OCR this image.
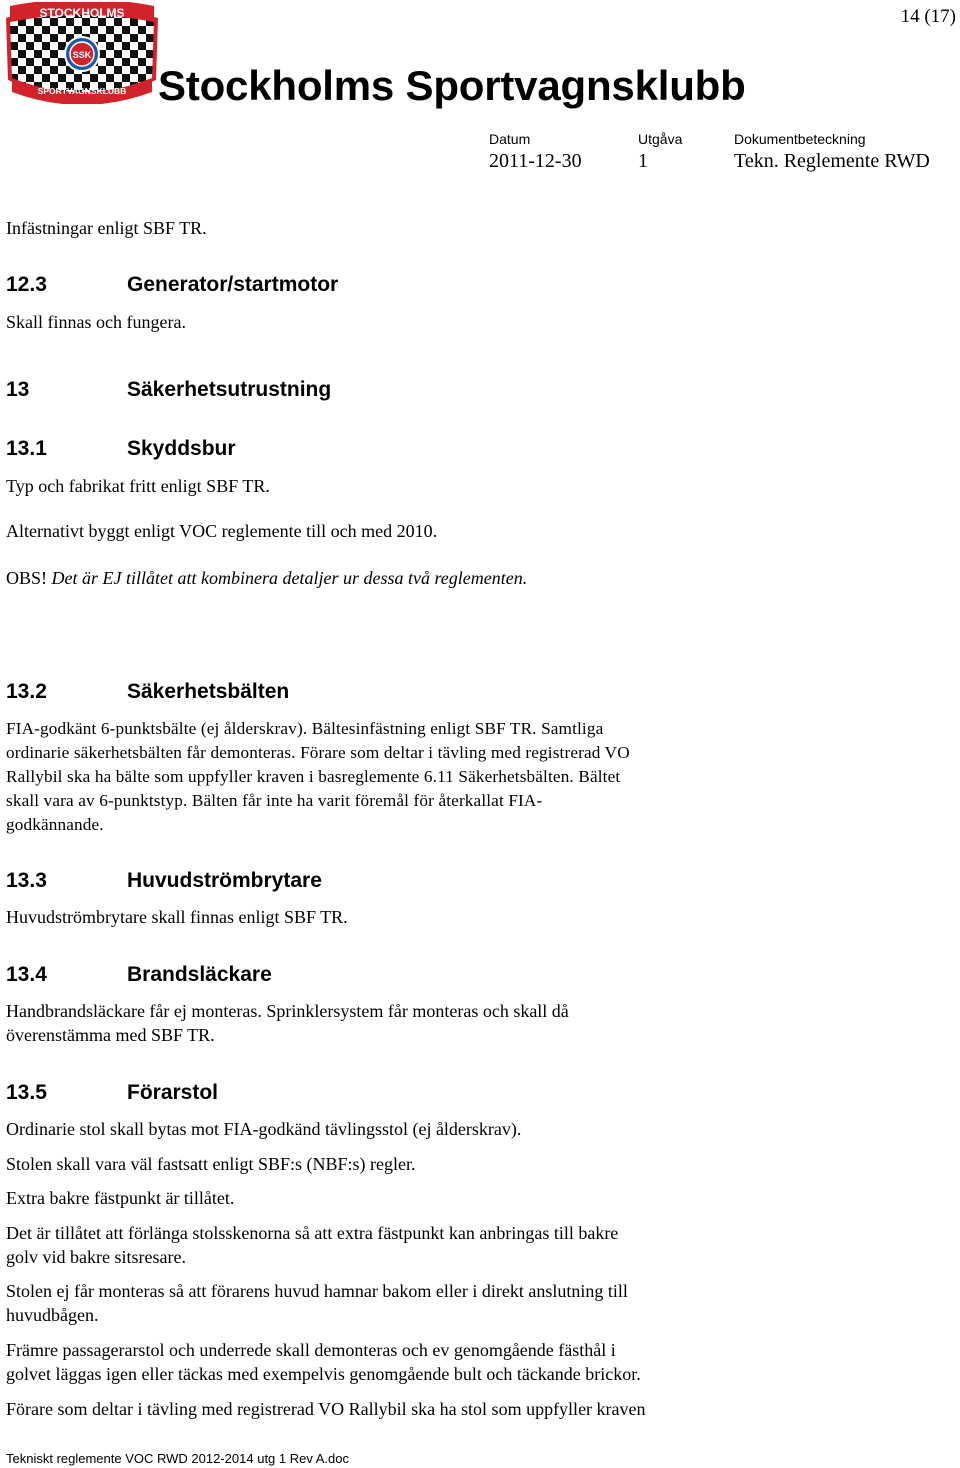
STOCKHOLMS
SPORTVAGNSKLUBB
SSK
14 (17)
Stockholms Sportvagnsklubb
Datum
2011-12-30
Utgåva
1
Dokumentbeteckning
Tekn. Reglemente RWD
Infästningar enligt SBF TR.
12.3	Generator/startmotor
Skall finnas och fungera.
13	Säkerhetsutrustning
13.1	Skyddsbur
Typ och fabrikat fritt enligt SBF TR.
Alternativt byggt enligt VOC reglemente till och med 2010.
OBS! Det är EJ tillåtet att kombinera detaljer ur dessa två reglementen.
13.2	Säkerhetsbälten
FIA-godkänt 6-punktsbälte (ej ålderskrav). Bältesinfästning enligt SBF TR. Samtliga
ordinarie säkerhetsbälten får demonteras. Förare som deltar i tävling med registrerad VO
Rallybil ska ha bälte som uppfyller kraven i basreglemente 6.11 Säkerhetsbälten. Bältet
skall vara av 6-punktstyp. Bälten får inte ha varit föremål för återkallat FIA-
godkännande.
13.3	Huvudströmbrytare
Huvudströmbrytare skall finnas enligt SBF TR.
13.4	Brandsläckare
Handbrandsläckare får ej monteras. Sprinklersystem får monteras och skall då
överenstämma med SBF TR.
13.5	Förarstol
Ordinarie stol skall bytas mot FIA-godkänd tävlingsstol (ej ålderskrav).
Stolen skall vara väl fastsatt enligt SBF:s (NBF:s) regler.
Extra bakre fästpunkt är tillåtet.
Det är tillåtet att förlänga stolsskenorna så att extra fästpunkt kan anbringas till bakre
golv vid bakre sitsresare.
Stolen ej får monteras så att förarens huvud hamnar bakom eller i direkt anslutning till
huvudbågen.
Främre passagerarstol och underrede skall demonteras och ev genomgående fästhål i
golvet läggas igen eller täckas med exempelvis genomgående bult och täckande brickor.
Förare som deltar i tävling med registrerad VO Rallybil ska ha stol som uppfyller kraven
Tekniskt reglemente VOC RWD 2012-2014 utg 1 Rev A.doc
